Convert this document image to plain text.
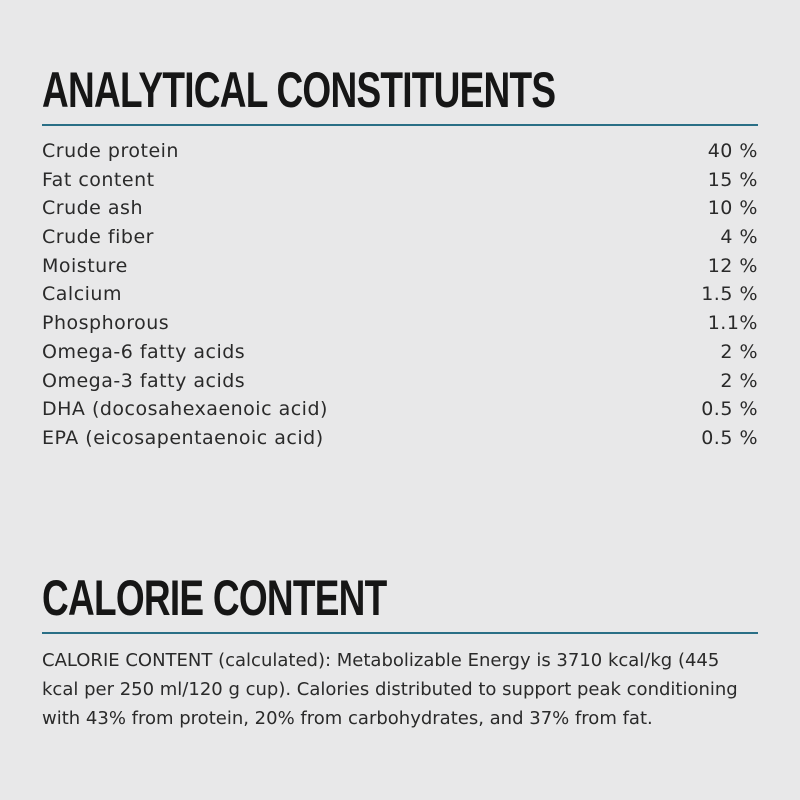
ANALYTICAL CONSTITUENTS
Crude protein	40 %
Fat content	15 %
Crude ash	10 %
Crude fiber	4 %
Moisture	12 %
Calcium	1.5 %
Phosphorous	1.1%
Omega-6 fatty acids	2 %
Omega-3 fatty acids	2 %
DHA (docosahexaenoic acid)	0.5 %
EPA (eicosapentaenoic acid)	0.5 %
CALORIE CONTENT

CALORIE CONTENT (calculated): Metabolizable Energy is 3710 kcal/kg (445 kcal per 250 ml/120 g cup). Calories distributed to support peak conditioning with 43% from protein, 20% from carbohydrates, and 37% from fat.
